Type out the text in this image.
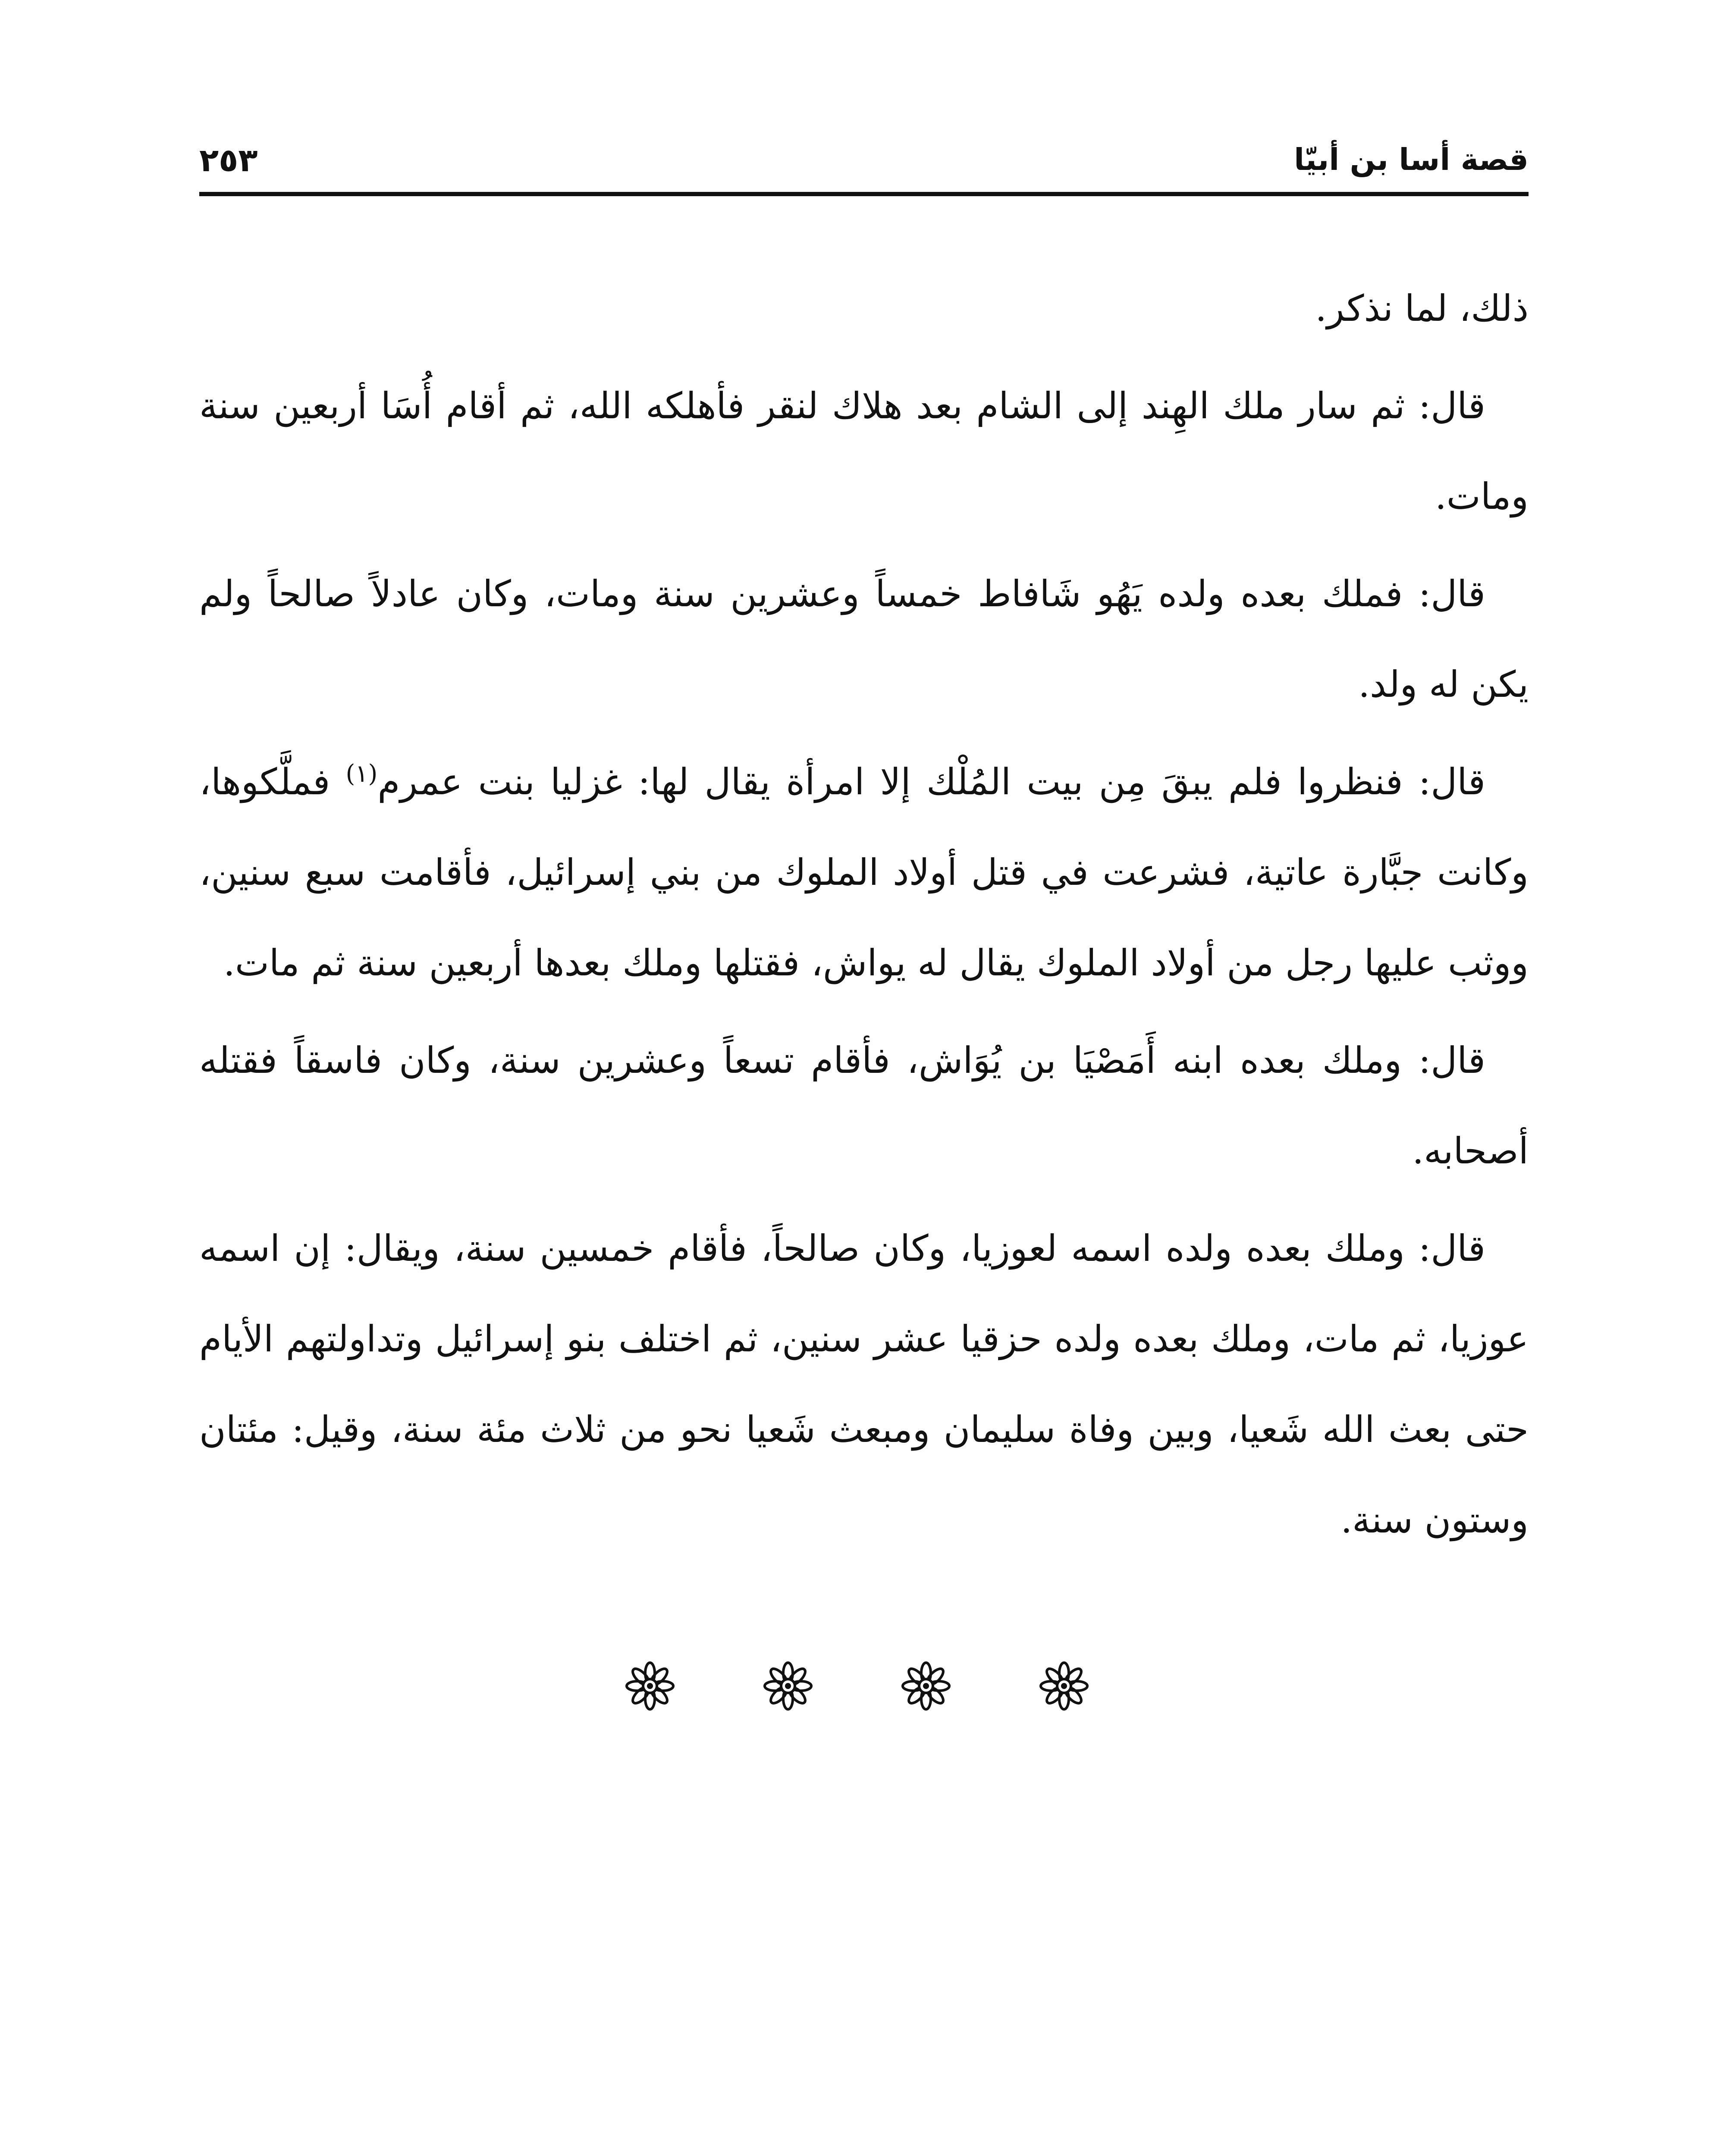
قصة أسا بن أبيّا
٢٥٣

ذلك، لما نذكر.

قال: ثم سار ملك الهِند إلى الشام بعد هلاك لنقر فأهلكه الله، ثم أقام أُسَا أربعين سنة ومات.

قال: فملك بعده ولده يَهُو شَافاط خمساً وعشرين سنة ومات، وكان عادلاً صالحاً ولم يكن له ولد.

قال: فنظروا فلم يبقَ مِن بيت المُلْك إلا امرأة يقال لها: غزليا بنت عمرم$^{(١)}$ فملَّكوها، وكانت جبَّارة عاتية، فشرعت في قتل أولاد الملوك من بني إسرائيل، فأقامت سبع سنين، ووثب عليها رجل من أولاد الملوك يقال له يواش، فقتلها وملك بعدها أربعين سنة ثم مات.

قال: وملك بعده ابنه أَمَصْيَا بن يُوَاش، فأقام تسعاً وعشرين سنة، وكان فاسقاً فقتله أصحابه.

قال: وملك بعده ولده اسمه لعوزيا، وكان صالحاً، فأقام خمسين سنة، ويقال: إن اسمه عوزيا، ثم مات، وملك بعده ولده حزقيا عشر سنين، ثم اختلف بنو إسرائيل وتداولتهم الأيام حتى بعث الله شَعيا، وبين وفاة سليمان ومبعث شَعيا نحو من ثلاث مئة سنة، وقيل: مئتان وستون سنة.
